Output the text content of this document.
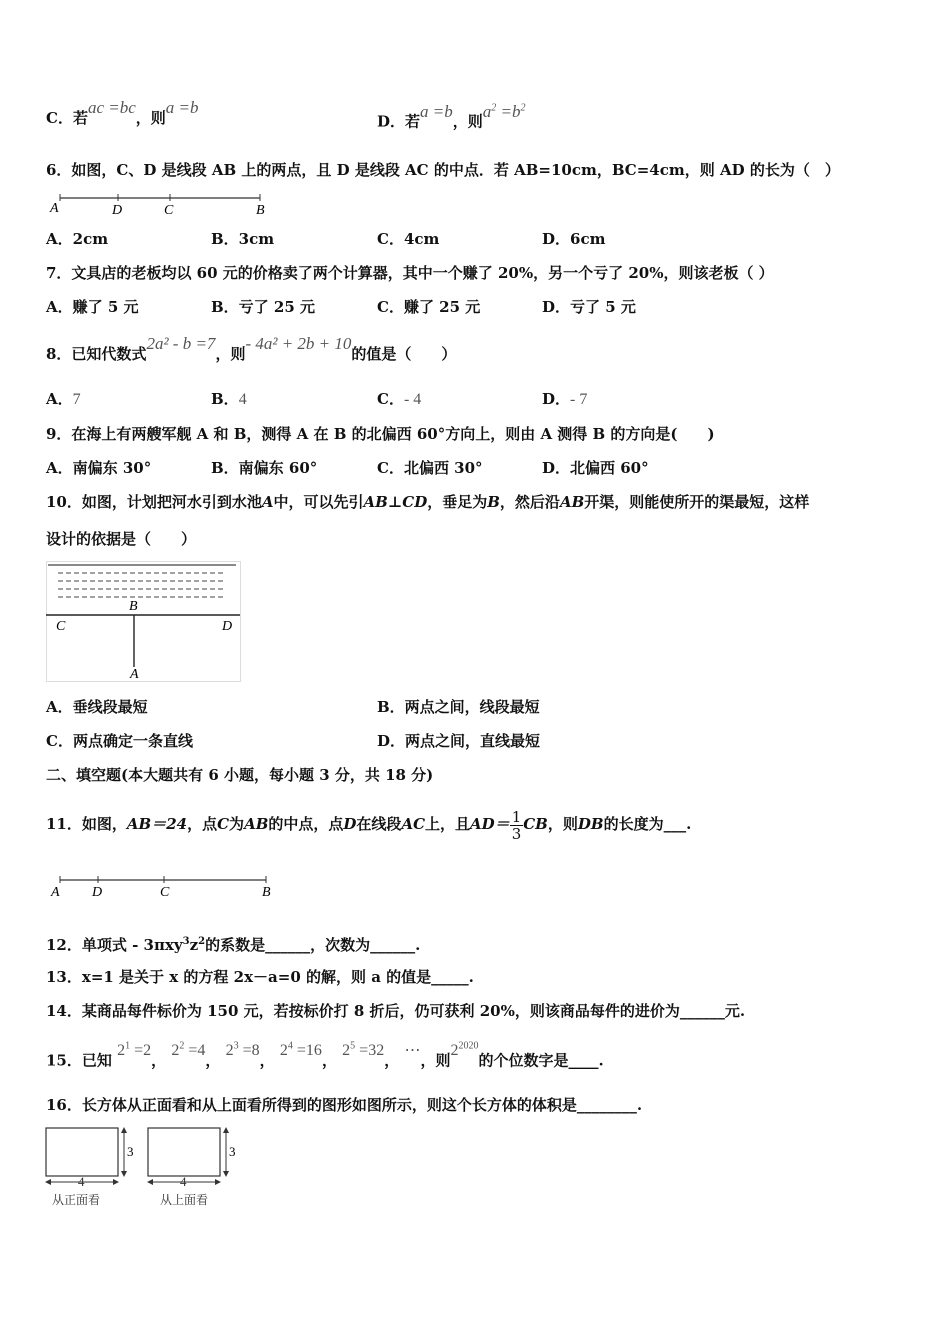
C．若ac =bc，则a =b
D．若a =b，则$a^2 =b^2$
6．如图，C、D 是线段 AB 上的两点，且 D 是线段 AC 的中点．若 AB=10cm，BC=4cm，则 AD 的长为（　）
A	D	C	B
A．2cm	B．3cm	C．4cm	D．6cm
7．文具店的老板均以 60 元的价格卖了两个计算器，其中一个赚了 20%，另一个亏了 20%，则该老板（ ）
A．赚了 5 元	B．亏了 25 元	C．赚了 25 元	D．亏了 5 元
8．已知代数式2a² - b =7，则- 4a² + 2b + 10的值是（　　）
A．7	B．4	C．- 4	D．- 7
9．在海上有两艘军舰 A 和 B，测得 A 在 B 的北偏西 60°方向上，则由 A 测得 B 的方向是(　　)
A．南偏东 30°	B．南偏东 60°	C．北偏西 30°	D．北偏西 60°
10．如图，计划把河水引到水池A中，可以先引AB⊥CD，垂足为B，然后沿AB开渠，则能使所开的渠最短，这样
设计的依据是（　　）
B
C	D
A
A．垂线段最短	B．两点之间，线段最短
C．两点确定一条直线	D．两点之间，直线最短
二、填空题(本大题共有 6 小题，每小题 3 分，共 18 分)
11．如图，AB＝24，点C为AB的中点，点D在线段AC上，且$AD= \frac{1}{3}$ CB，则DB的长度为___.
A D	C	B
12．单项式 - $3\pi xy^3z^2$的系数是______，次数为______.
13．x=1 是关于 x 的方程 2x－a=0 的解，则 a 的值是_____.
14．某商品每件标价为 150 元，若按标价打 8 折后，仍可获利 20%，则该商品每件的进价为______元.
15．已知 $2^1 =2$， $2^2 =4$， $2^3 =8$， $2^4 =16$， $2^5 =32$， ⋯，则$2^{2020}$的个位数字是____.
16．长方体从正面看和从上面看所得到的图形如图所示，则这个长方体的体积是________.
3
4
从正面看
3
4
从上面看
